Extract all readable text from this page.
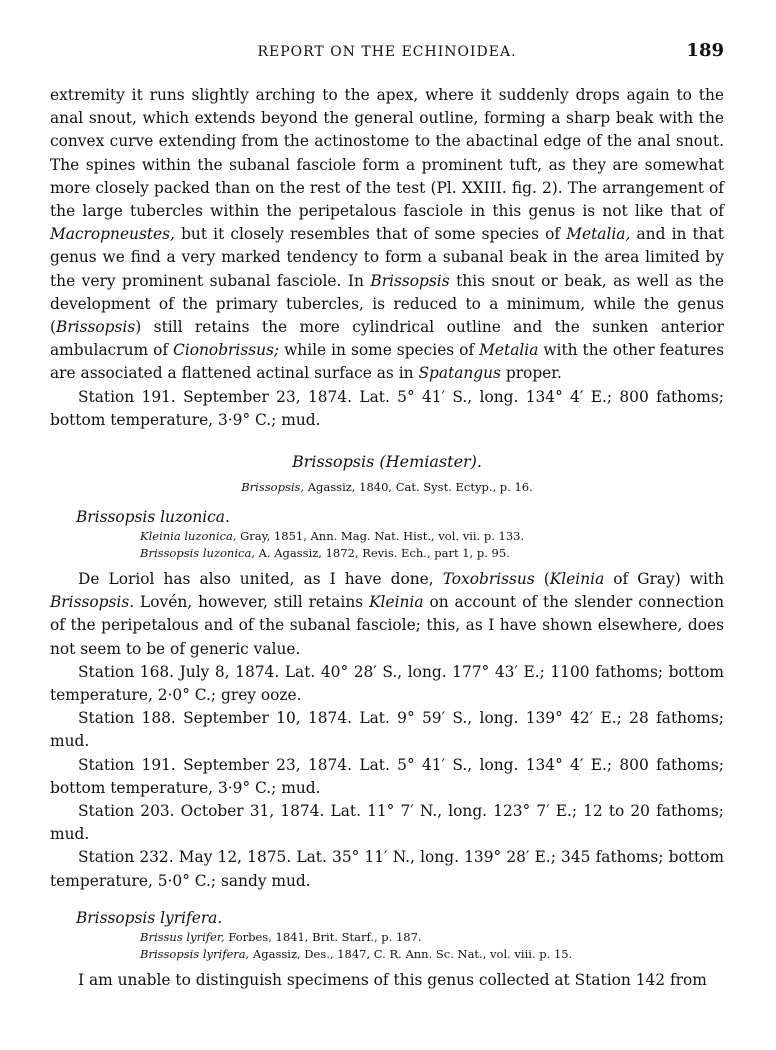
REPORT ON THE ECHINOIDEA.	189

extremity it runs slightly arching to the apex, where it suddenly drops again to the anal snout, which extends beyond the general outline, forming a sharp beak with the convex curve extending from the actinostome to the abactinal edge of the anal snout. The spines within the subanal fasciole form a prominent tuft, as they are somewhat more closely packed than on the rest of the test (Pl. XXIII. fig. 2). The arrangement of the large tubercles within the peripetalous fasciole in this genus is not like that of Macropneustes, but it closely resembles that of some species of Metalia, and in that genus we find a very marked tendency to form a subanal beak in the area limited by the very prominent subanal fasciole. In Brissopsis this snout or beak, as well as the development of the primary tubercles, is reduced to a minimum, while the genus (Brissopsis) still retains the more cylindrical outline and the sunken anterior ambulacrum of Cionobrissus; while in some species of Metalia with the other features are associated a flattened actinal surface as in Spatangus proper.

Station 191. September 23, 1874. Lat. 5° 41′ S., long. 134° 4′ E.; 800 fathoms; bottom temperature, 3·9° C.; mud.

Brissopsis (Hemiaster).
Brissopsis, Agassiz, 1840, Cat. Syst. Ectyp., p. 16.
Brissopsis luzonica.
Kleinia luzonica, Gray, 1851, Ann. Mag. Nat. Hist., vol. vii. p. 133.
Brissopsis luzonica, A. Agassiz, 1872, Revis. Ech., part 1, p. 95.

De Loriol has also united, as I have done, Toxobrissus (Kleinia of Gray) with Brissopsis. Lovén, however, still retains Kleinia on account of the slender connection of the peripetalous and of the subanal fasciole; this, as I have shown elsewhere, does not seem to be of generic value.

Station 168. July 8, 1874. Lat. 40° 28′ S., long. 177° 43′ E.; 1100 fathoms; bottom temperature, 2·0° C.; grey ooze.

Station 188. September 10, 1874. Lat. 9° 59′ S., long. 139° 42′ E.; 28 fathoms; mud.

Station 191. September 23, 1874. Lat. 5° 41′ S., long. 134° 4′ E.; 800 fathoms; bottom temperature, 3·9° C.; mud.

Station 203. October 31, 1874. Lat. 11° 7′ N., long. 123° 7′ E.; 12 to 20 fathoms; mud.

Station 232. May 12, 1875. Lat. 35° 11′ N., long. 139° 28′ E.; 345 fathoms; bottom temperature, 5·0° C.; sandy mud.

Brissopsis lyrifera.
Brissus lyrifer, Forbes, 1841, Brit. Starf., p. 187.
Brissopsis lyrifera, Agassiz, Des., 1847, C. R. Ann. Sc. Nat., vol. viii. p. 15.

I am unable to distinguish specimens of this genus collected at Station 142 from
